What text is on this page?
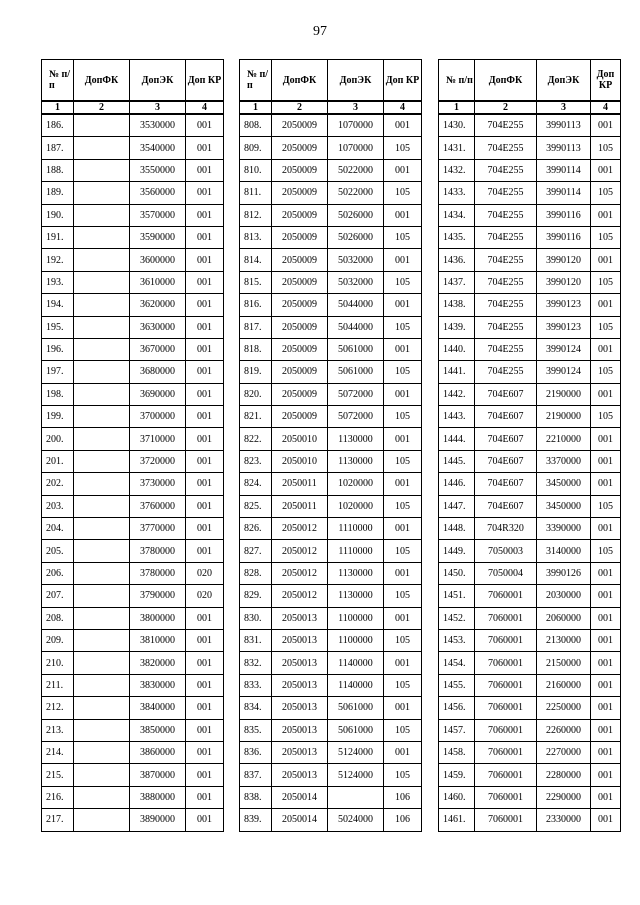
97
№ п/п	ДопФК	ДопЭК	Доп КР
1	2	3	4
186.		3530000	001
187.		3540000	001
188.		3550000	001
189.		3560000	001
190.		3570000	001
191.		3590000	001
192.		3600000	001
193.		3610000	001
194.		3620000	001
195.		3630000	001
196.		3670000	001
197.		3680000	001
198.		3690000	001
199.		3700000	001
200.		3710000	001
201.		3720000	001
202.		3730000	001
203.		3760000	001
204.		3770000	001
205.		3780000	001
206.		3780000	020
207.		3790000	020
208.		3800000	001
209.		3810000	001
210.		3820000	001
211.		3830000	001
212.		3840000	001
213.		3850000	001
214.		3860000	001
215.		3870000	001
216.		3880000	001
217.		3890000	001
№ п/п	ДопФК	ДопЭК	Доп КР
1	2	3	4
808.	2050009	1070000	001
809.	2050009	1070000	105
810.	2050009	5022000	001
811.	2050009	5022000	105
812.	2050009	5026000	001
813.	2050009	5026000	105
814.	2050009	5032000	001
815.	2050009	5032000	105
816.	2050009	5044000	001
817.	2050009	5044000	105
818.	2050009	5061000	001
819.	2050009	5061000	105
820.	2050009	5072000	001
821.	2050009	5072000	105
822.	2050010	1130000	001
823.	2050010	1130000	105
824.	2050011	1020000	001
825.	2050011	1020000	105
826.	2050012	1110000	001
827.	2050012	1110000	105
828.	2050012	1130000	001
829.	2050012	1130000	105
830.	2050013	1100000	001
831.	2050013	1100000	105
832.	2050013	1140000	001
833.	2050013	1140000	105
834.	2050013	5061000	001
835.	2050013	5061000	105
836.	2050013	5124000	001
837.	2050013	5124000	105
838.	2050014		106
839.	2050014	5024000	106
№ п/п	ДопФК	ДопЭК	Доп КР
1	2	3	4
1430.	704E255	3990113	001
1431.	704E255	3990113	105
1432.	704E255	3990114	001
1433.	704E255	3990114	105
1434.	704E255	3990116	001
1435.	704E255	3990116	105
1436.	704E255	3990120	001
1437.	704E255	3990120	105
1438.	704E255	3990123	001
1439.	704E255	3990123	105
1440.	704E255	3990124	001
1441.	704E255	3990124	105
1442.	704E607	2190000	001
1443.	704E607	2190000	105
1444.	704E607	2210000	001
1445.	704E607	3370000	001
1446.	704E607	3450000	001
1447.	704E607	3450000	105
1448.	704R320	3390000	001
1449.	7050003	3140000	105
1450.	7050004	3990126	001
1451.	7060001	2030000	001
1452.	7060001	2060000	001
1453.	7060001	2130000	001
1454.	7060001	2150000	001
1455.	7060001	2160000	001
1456.	7060001	2250000	001
1457.	7060001	2260000	001
1458.	7060001	2270000	001
1459.	7060001	2280000	001
1460.	7060001	2290000	001
1461.	7060001	2330000	001
